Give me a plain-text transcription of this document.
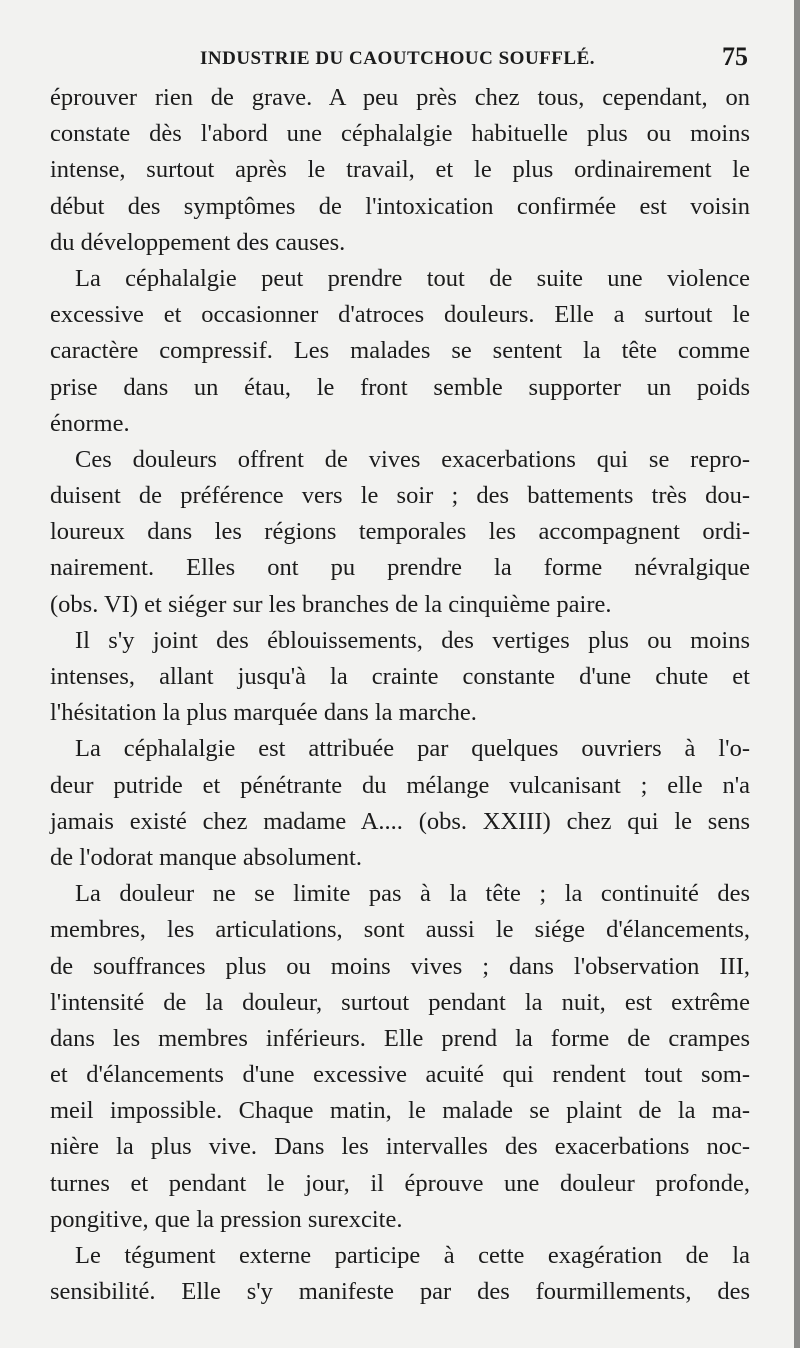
INDUSTRIE DU CAOUTCHOUC SOUFFLÉ.	75
éprouver rien de grave. A peu près chez tous, cependant, on
constate dès l'abord une céphalalgie habituelle plus ou moins
intense, surtout après le travail, et le plus ordinairement le
début des symptômes de l'intoxication confirmée est voisin
du développement des causes.
La céphalalgie peut prendre tout de suite une violence
excessive et occasionner d'atroces douleurs. Elle a surtout le
caractère compressif. Les malades se sentent la tête comme
prise dans un étau, le front semble supporter un poids
énorme.
Ces douleurs offrent de vives exacerbations qui se repro-
duisent de préférence vers le soir ; des battements très dou-
loureux dans les régions temporales les accompagnent ordi-
nairement. Elles ont pu prendre la forme névralgique
(obs. VI) et siéger sur les branches de la cinquième paire.
Il s'y joint des éblouissements, des vertiges plus ou moins
intenses, allant jusqu'à la crainte constante d'une chute et
l'hésitation la plus marquée dans la marche.
La céphalalgie est attribuée par quelques ouvriers à l'o-
deur putride et pénétrante du mélange vulcanisant ; elle n'a
jamais existé chez madame A.... (obs. XXIII) chez qui le sens
de l'odorat manque absolument.
La douleur ne se limite pas à la tête ; la continuité des
membres, les articulations, sont aussi le siége d'élancements,
de souffrances plus ou moins vives ; dans l'observation III,
l'intensité de la douleur, surtout pendant la nuit, est extrême
dans les membres inférieurs. Elle prend la forme de crampes
et d'élancements d'une excessive acuité qui rendent tout som-
meil impossible. Chaque matin, le malade se plaint de la ma-
nière la plus vive. Dans les intervalles des exacerbations noc-
turnes et pendant le jour, il éprouve une douleur profonde,
pongitive, que la pression surexcite.
Le tégument externe participe à cette exagération de la
sensibilité. Elle s'y manifeste par des fourmillements, des
